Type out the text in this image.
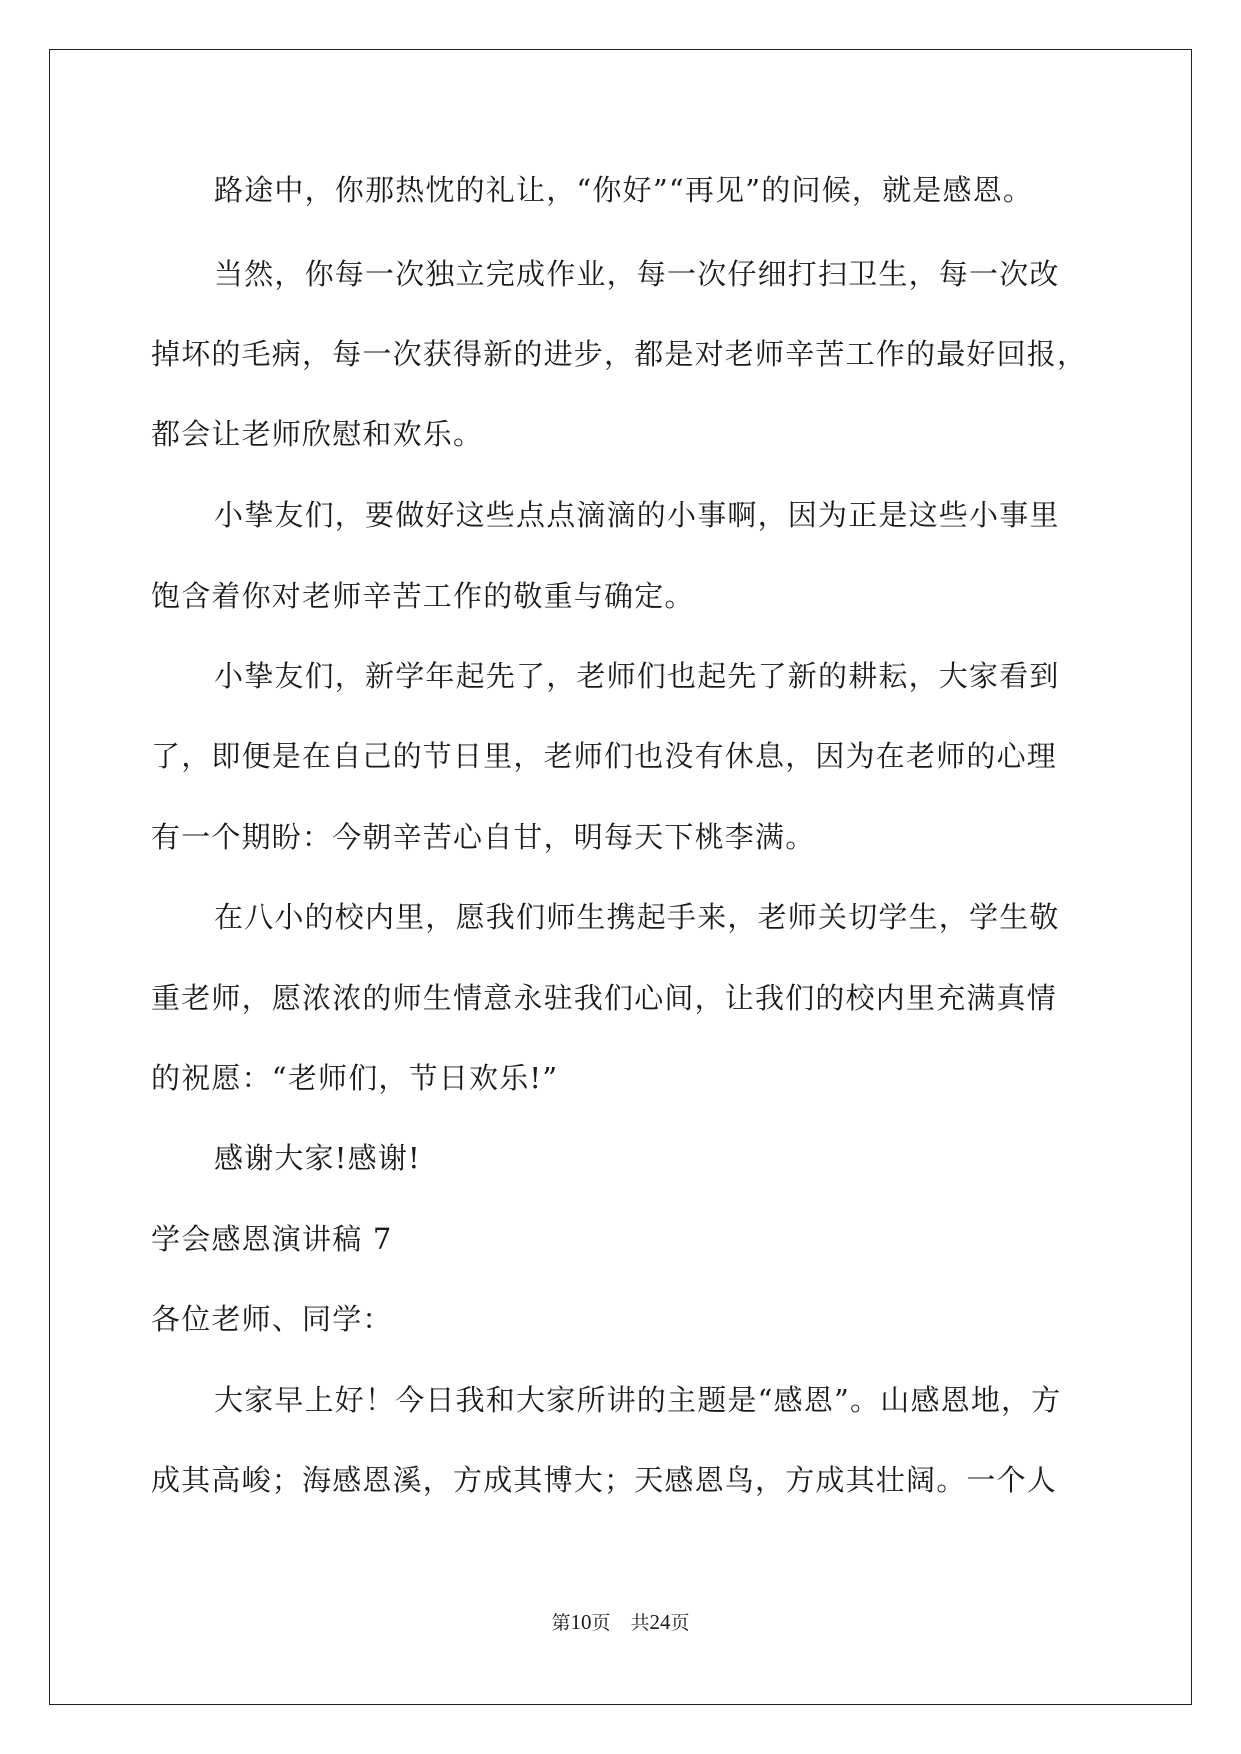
路途中，你那热忱的礼让，“你好”“再见”的问候，就是感恩。
当然，你每一次独立完成作业，每一次仔细打扫卫生，每一次改
掉坏的毛病，每一次获得新的进步，都是对老师辛苦工作的最好回报，
都会让老师欣慰和欢乐。
小挚友们，要做好这些点点滴滴的小事啊，因为正是这些小事里
饱含着你对老师辛苦工作的敬重与确定。
小挚友们，新学年起先了，老师们也起先了新的耕耘，大家看到
了，即便是在自己的节日里，老师们也没有休息，因为在老师的心理
有一个期盼：今朝辛苦心自甘，明每天下桃李满。
在八小的校内里，愿我们师生携起手来，老师关切学生，学生敬
重老师，愿浓浓的师生情意永驻我们心间，让我们的校内里充满真情
的祝愿：“老师们，节日欢乐!”
感谢大家!感谢!
学会感恩演讲稿 7
各位老师、同学：
大家早上好！今日我和大家所讲的主题是“感恩”。山感恩地，方
成其高峻；海感恩溪，方成其博大；天感恩鸟，方成其壮阔。一个人
第10页 共24页
